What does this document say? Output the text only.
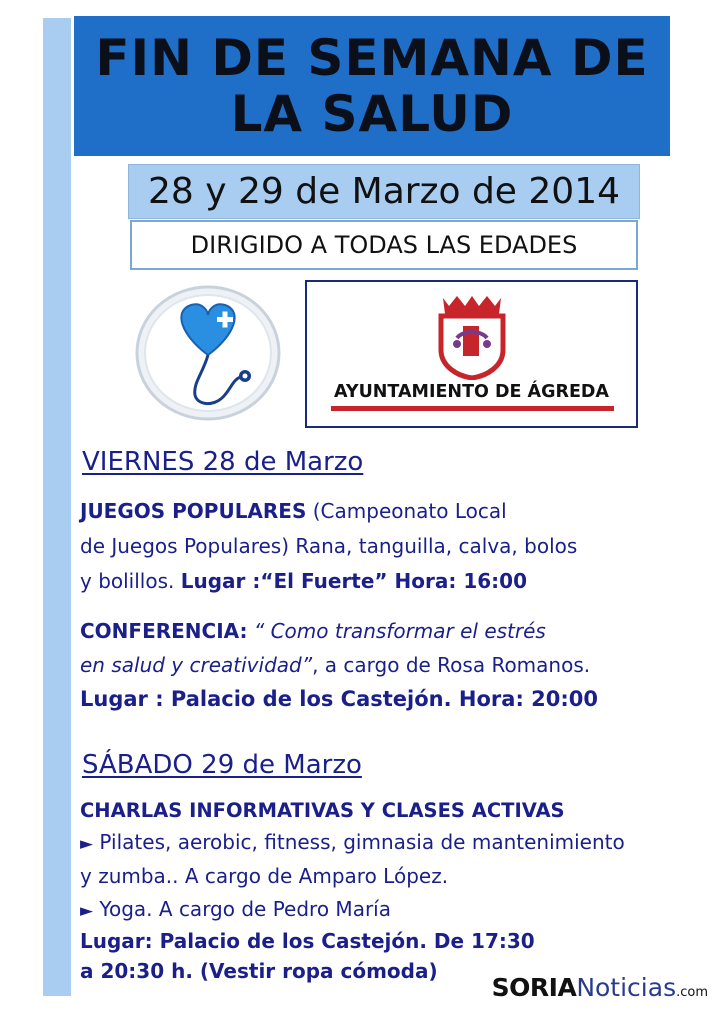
FIN DE SEMANA DE
LA SALUD
28 y 29 de Marzo de 2014
DIRIGIDO A TODAS LAS EDADES
AYUNTAMIENTO DE ÁGREDA
VIERNES 28 de Marzo
JUEGOS POPULARES (Campeonato Local
de Juegos Populares) Rana, tanguilla, calva, bolos
y bolillos. Lugar :“El Fuerte” Hora: 16:00
CONFERENCIA: “ Como transformar el estrés
en salud y creatividad”, a cargo de Rosa Romanos.
Lugar : Palacio de los Castejón. Hora: 20:00
SÁBADO 29 de Marzo
CHARLAS INFORMATIVAS Y CLASES ACTIVAS
► Pilates, aerobic, fitness, gimnasia de mantenimiento
y zumba.. A cargo de Amparo López.
► Yoga. A cargo de Pedro María
Lugar: Palacio de los Castejón. De 17:30
a 20:30 h. (Vestir ropa cómoda)
SORIANoticias.com
